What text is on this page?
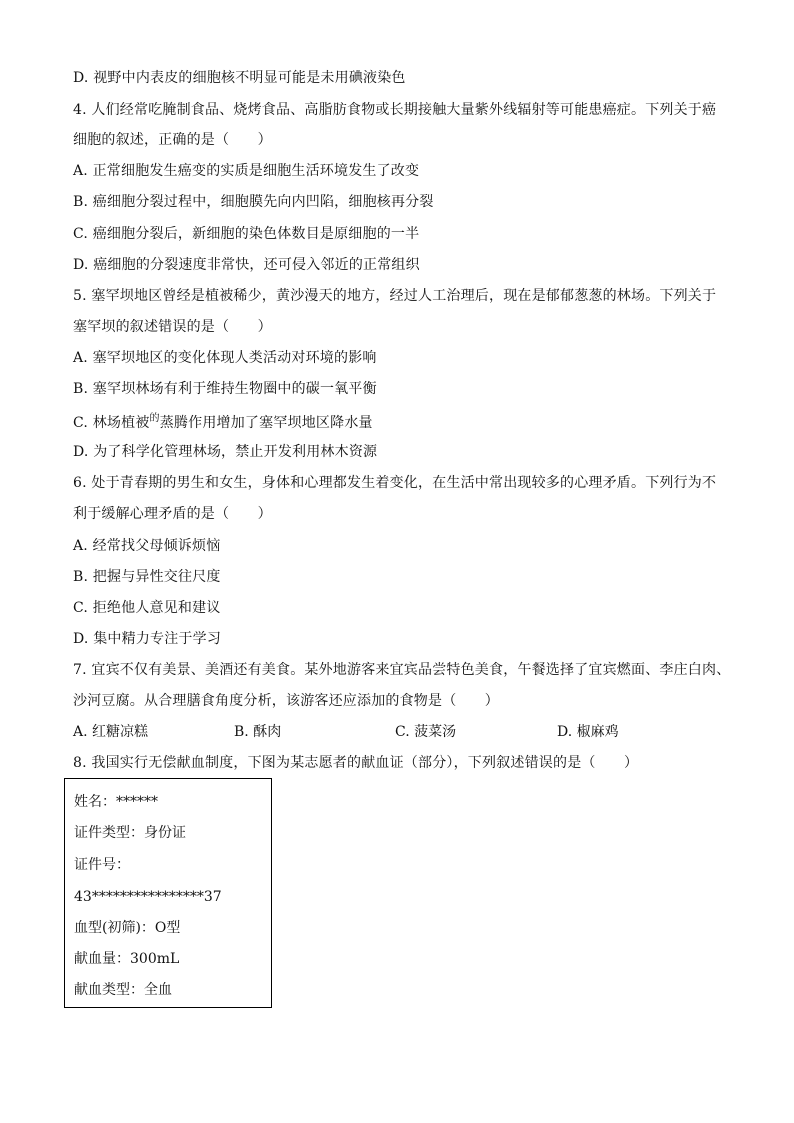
D. 视野中内表皮的细胞核不明显可能是未用碘液染色
4. 人们经常吃腌制食品、烧烤食品、高脂肪食物或长期接触大量紫外线辐射等可能患癌症。下列关于癌
细胞的叙述，正确的是（　　）
A. 正常细胞发生癌变的实质是细胞生活环境发生了改变
B. 癌细胞分裂过程中，细胞膜先向内凹陷，细胞核再分裂
C. 癌细胞分裂后，新细胞的染色体数目是原细胞的一半
D. 癌细胞的分裂速度非常快，还可侵入邻近的正常组织
5. 塞罕坝地区曾经是植被稀少，黄沙漫天的地方，经过人工治理后，现在是郁郁葱葱的林场。下列关于
塞罕坝的叙述错误的是（　　）
A. 塞罕坝地区的变化体现人类活动对环境的影响
B. 塞罕坝林场有利于维持生物圈中的碳一氧平衡
C. 林场植被$^的$蒸腾作用增加了塞罕坝地区降水量
D. 为了科学化管理林场，禁止开发利用林木资源
6. 处于青春期的男生和女生，身体和心理都发生着变化，在生活中常出现较多的心理矛盾。下列行为不
利于缓解心理矛盾的是（　　）
A. 经常找父母倾诉烦恼
B. 把握与异性交往尺度
C. 拒绝他人意见和建议
D. 集中精力专注于学习
7. 宜宾不仅有美景、美酒还有美食。某外地游客来宜宾品尝特色美食，午餐选择了宜宾燃面、李庄白肉、
沙河豆腐。从合理膳食角度分析，该游客还应添加的食物是（　　）
A. 红糖凉糕	B. 酥肉	C. 菠菜汤	D. 椒麻鸡
8. 我国实行无偿献血制度，下图为某志愿者的献血证（部分），下列叙述错误的是（　　）
姓名：******
证件类型：身份证
证件号：
43****************37
血型(初筛)：O型
献血量：300mL
献血类型：全血
